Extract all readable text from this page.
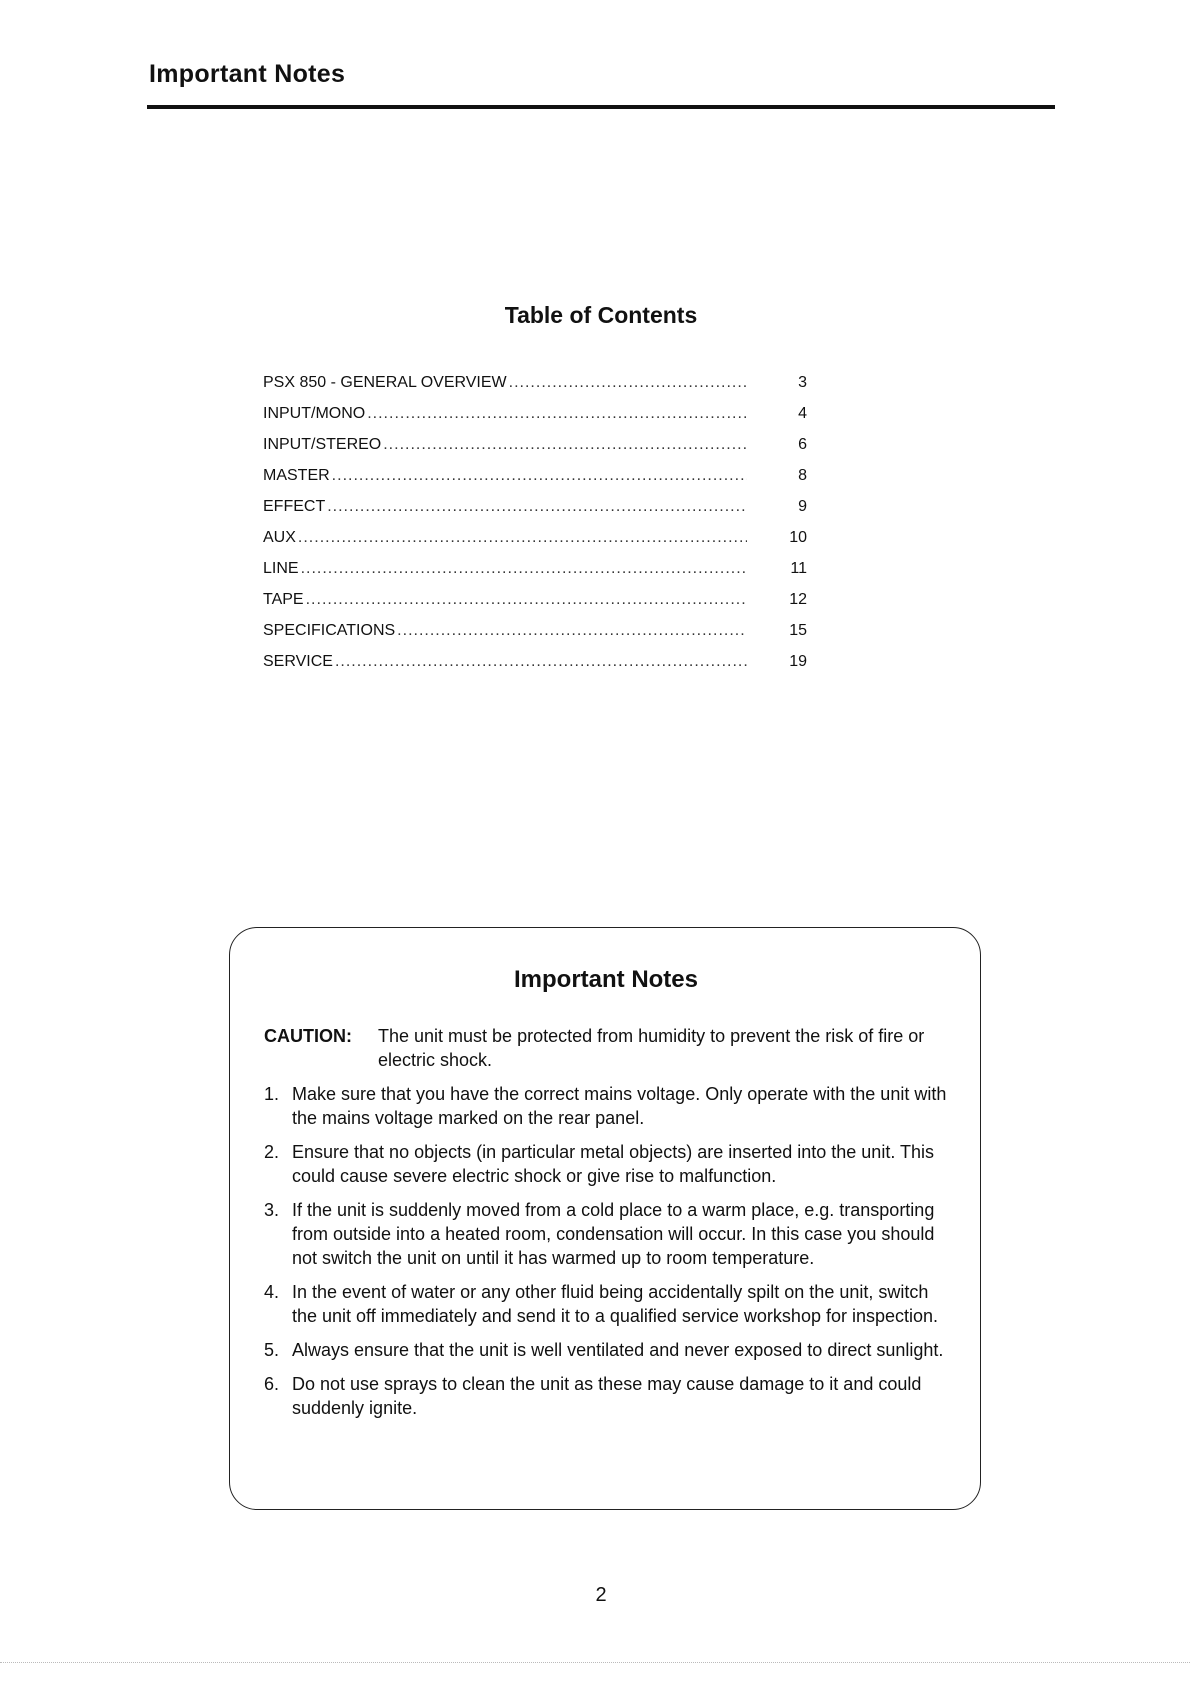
Important Notes
Table of Contents
PSX 850 - GENERAL OVERVIEW .....	3
INPUT/MONO .....	4
INPUT/STEREO .....	6
MASTER .....	8
EFFECT .....	9
AUX .....	10
LINE .....	11
TAPE .....	12
SPECIFICATIONS .....	15
SERVICE .....	19
Important Notes
CAUTION: The unit must be protected from humidity to prevent the risk of fire or electric shock.
1. Make sure that you have the correct mains voltage. Only operate with the unit with the mains voltage marked on the rear panel.
2. Ensure that no objects (in particular metal objects) are inserted into the unit. This could cause severe electric shock or give rise to malfunction.
3. If the unit is suddenly moved from a cold place to a warm place, e.g. transporting from outside into a heated room, condensation will occur. In this case you should not switch the unit on until it has warmed up to room temperature.
4. In the event of water or any other fluid being accidentally spilt on the unit, switch the unit off immediately and send it to a qualified service workshop for inspection.
5. Always ensure that the unit is well ventilated and never exposed to direct sunlight.
6. Do not use sprays to clean the unit as these may cause damage to it and could suddenly ignite.
2
